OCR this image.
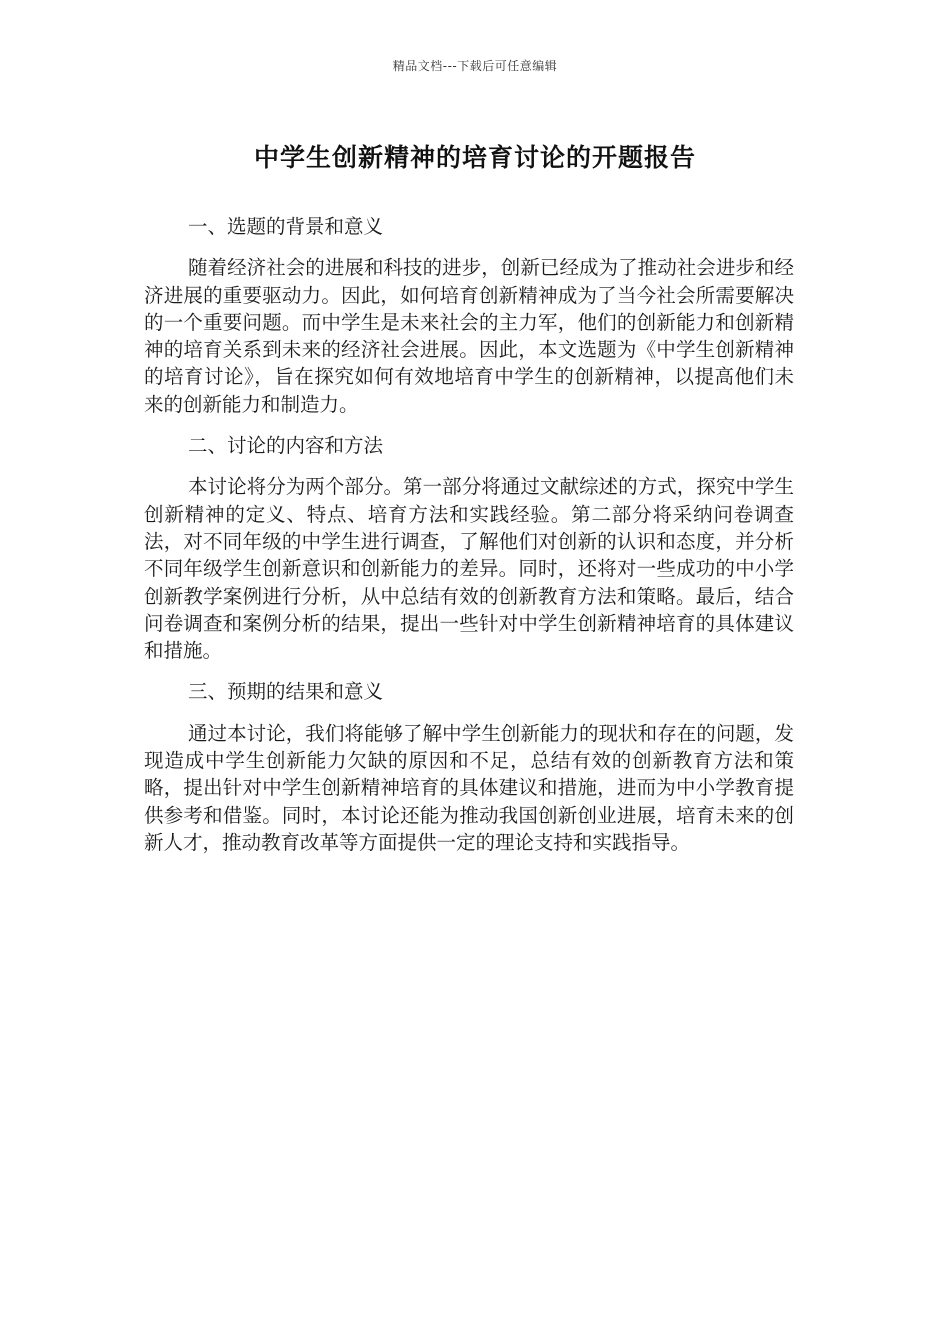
精品文档---下载后可任意编辑
中学生创新精神的培育讨论的开题报告
一、选题的背景和意义

随着经济社会的进展和科技的进步，创新已经成为了推动社会进步和经济进展的重要驱动力。因此，如何培育创新精神成为了当今社会所需要解决的一个重要问题。而中学生是未来社会的主力军，他们的创新能力和创新精神的培育关系到未来的经济社会进展。因此，本文选题为《中学生创新精神的培育讨论》，旨在探究如何有效地培育中学生的创新精神，以提高他们未来的创新能力和制造力。

二、讨论的内容和方法

本讨论将分为两个部分。第一部分将通过文献综述的方式，探究中学生创新精神的定义、特点、培育方法和实践经验。第二部分将采纳问卷调查法，对不同年级的中学生进行调查，了解他们对创新的认识和态度，并分析不同年级学生创新意识和创新能力的差异。同时，还将对一些成功的中小学创新教学案例进行分析，从中总结有效的创新教育方法和策略。最后，结合问卷调查和案例分析的结果，提出一些针对中学生创新精神培育的具体建议和措施。

三、预期的结果和意义

通过本讨论，我们将能够了解中学生创新能力的现状和存在的问题，发现造成中学生创新能力欠缺的原因和不足，总结有效的创新教育方法和策略，提出针对中学生创新精神培育的具体建议和措施，进而为中小学教育提供参考和借鉴。同时，本讨论还能为推动我国创新创业进展，培育未来的创新人才，推动教育改革等方面提供一定的理论支持和实践指导。
